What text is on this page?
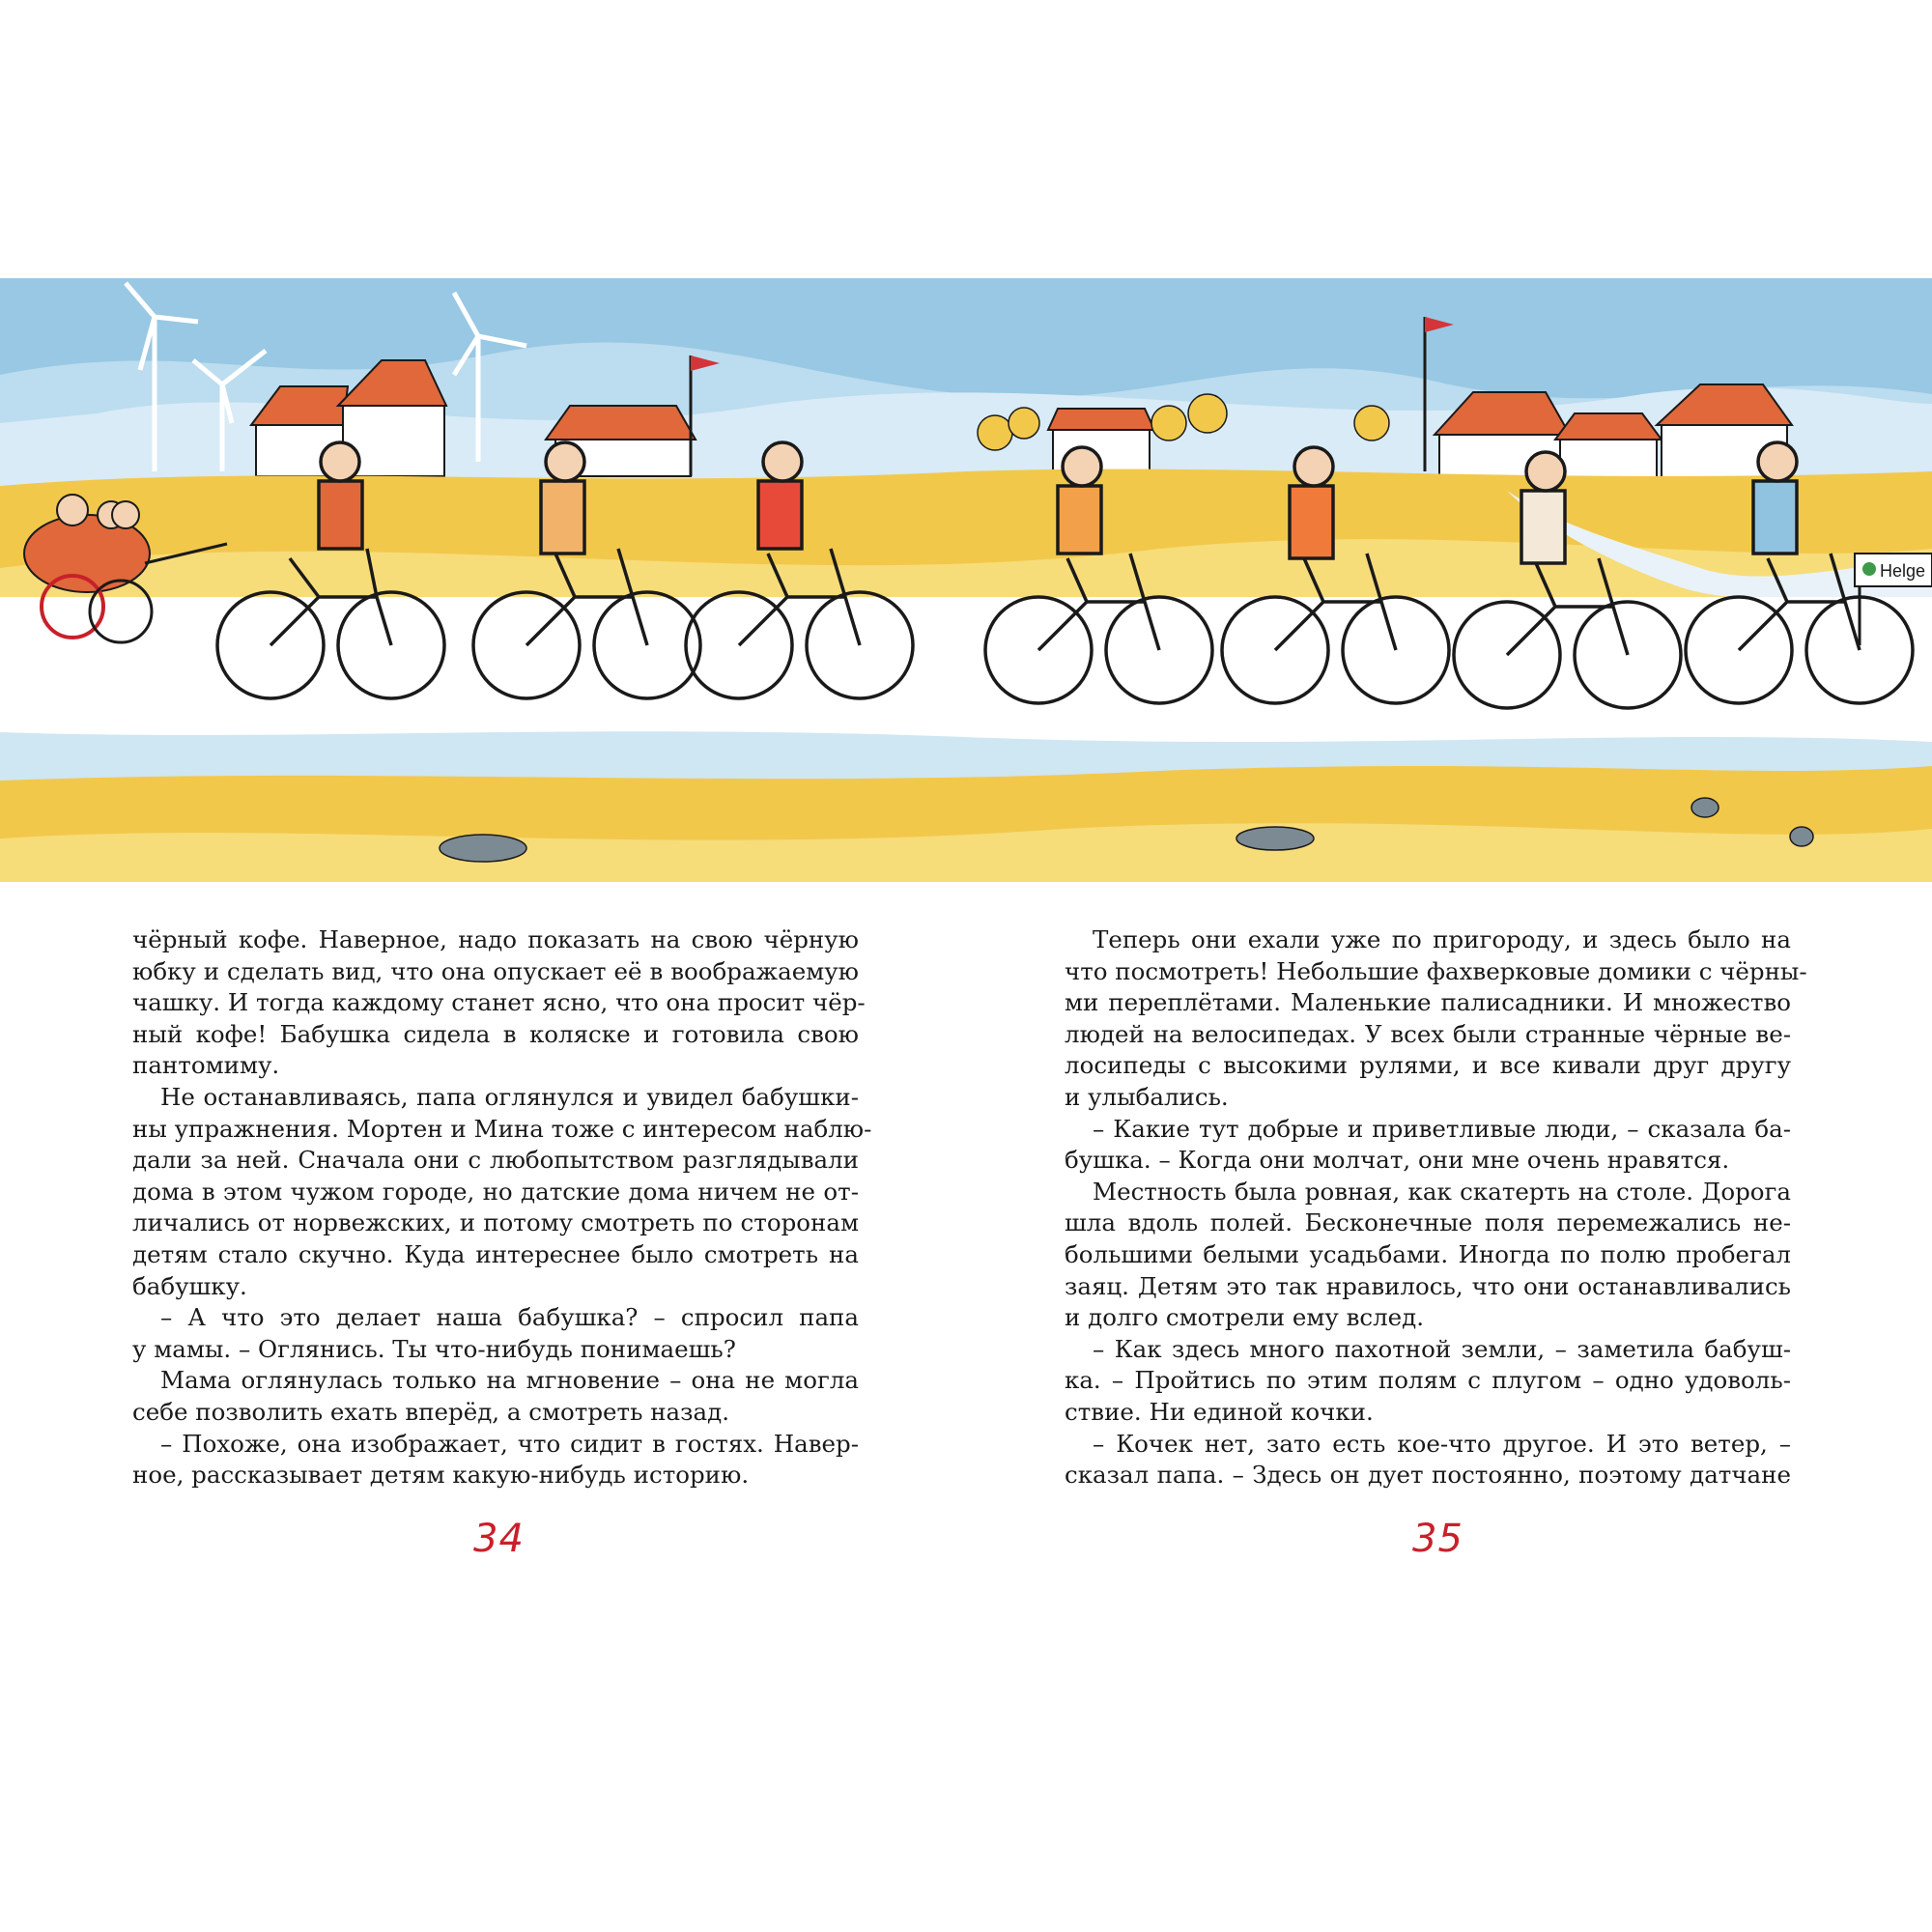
Helge
чёрный кофе. Наверное, надо показать на свою чёрную
юбку и сделать вид, что она опускает её в воображаемую
чашку. И тогда каждому станет ясно, что она просит чёр-
ный кофе! Бабушка сидела в коляске и готовила свою
пантомиму.
Не останавливаясь, папа оглянулся и увидел бабушки-
ны упражнения. Мортен и Мина тоже с интересом наблю-
дали за ней. Сначала они с любопытством разглядывали
дома в этом чужом городе, но датские дома ничем не от-
личались от норвежских, и потому смотреть по сторонам
детям стало скучно. Куда интереснее было смотреть на
бабушку.
– А что это делает наша бабушка? – спросил папа
у мамы. – Оглянись. Ты что-нибудь понимаешь?
Мама оглянулась только на мгновение – она не могла
себе позволить ехать вперёд, а смотреть назад.
– Похоже, она изображает, что сидит в гостях. Навер-
ное, рассказывает детям какую-нибудь историю.
Теперь они ехали уже по пригороду, и здесь было на
что посмотреть! Небольшие фахверковые домики с чёрны-
ми переплётами. Маленькие палисадники. И множество
людей на велосипедах. У всех были странные чёрные ве-
лосипеды с высокими рулями, и все кивали друг другу
и улыбались.
– Какие тут добрые и приветливые люди, – сказала ба-
бушка. – Когда они молчат, они мне очень нравятся.
Местность была ровная, как скатерть на столе. Дорога
шла вдоль полей. Бесконечные поля перемежались не-
большими белыми усадьбами. Иногда по полю пробегал
заяц. Детям это так нравилось, что они останавливались
и долго смотрели ему вслед.
– Как здесь много пахотной земли, – заметила бабуш-
ка. – Пройтись по этим полям с плугом – одно удоволь-
ствие. Ни единой кочки.
– Кочек нет, зато есть кое-что другое. И это ветер, –
сказал папа. – Здесь он дует постоянно, поэтому датчане
34	35
